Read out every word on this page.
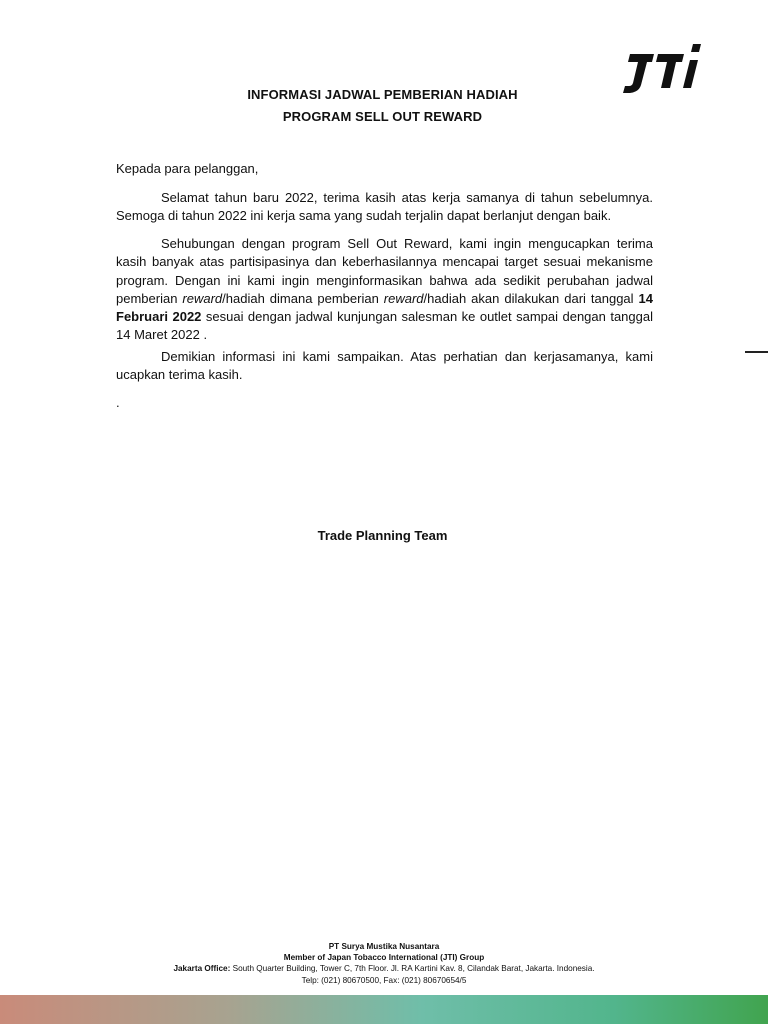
INFORMASI JADWAL PEMBERIAN HADIAH
PROGRAM SELL OUT REWARD
Kepada para pelanggan,
Selamat tahun baru 2022, terima kasih atas kerja samanya di tahun sebelumnya. Semoga di tahun 2022 ini kerja sama yang sudah terjalin dapat berlanjut dengan baik.
Sehubungan dengan program Sell Out Reward, kami ingin mengucapkan terima kasih banyak atas partisipasinya dan keberhasilannya mencapai target sesuai mekanisme program. Dengan ini kami ingin menginformasikan bahwa ada sedikit perubahan jadwal pemberian reward/hadiah dimana pemberian reward/hadiah akan dilakukan dari tanggal 14 Februari 2022 sesuai dengan jadwal kunjungan salesman ke outlet sampai dengan tanggal 14 Maret 2022 .
Demikian informasi ini kami sampaikan. Atas perhatian dan kerjasamanya, kami ucapkan terima kasih.
.
Trade Planning Team
PT Surya Mustika Nusantara
Member of Japan Tobacco International (JTI) Group
Jakarta Office: South Quarter Building, Tower C, 7th Floor. Jl. RA Kartini Kav. 8, Cilandak Barat, Jakarta. Indonesia.
Telp: (021) 80670500, Fax: (021) 80670654/5
